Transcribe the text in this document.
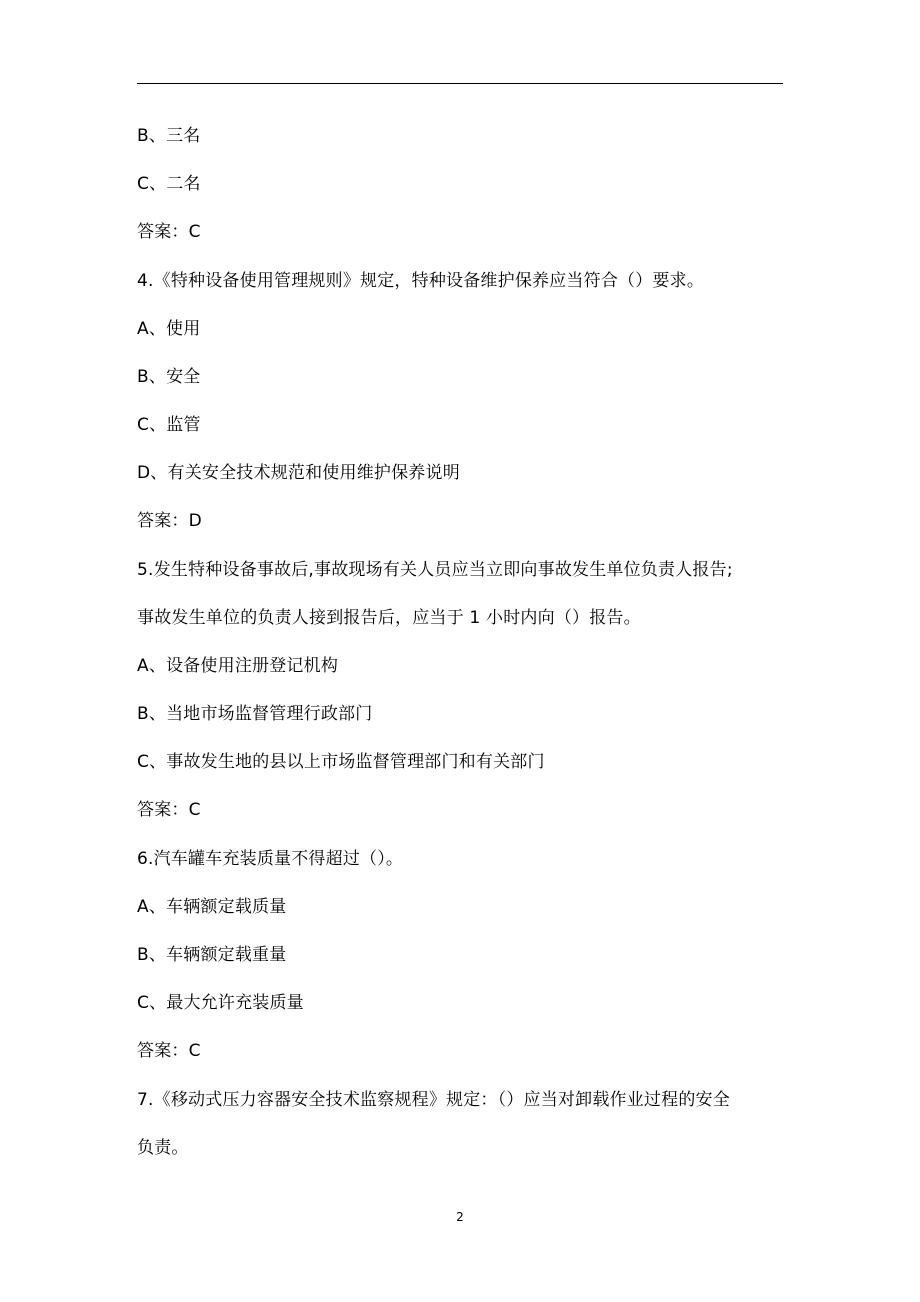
B、三名
C、二名
答案：C
4.《特种设备使用管理规则》规定，特种设备维护保养应当符合（）要求。
A、使用
B、安全
C、监管
D、有关安全技术规范和使用维护保养说明
答案：D
5.发生特种设备事故后,事故现场有关人员应当立即向事故发生单位负责人报告;
事故发生单位的负责人接到报告后，应当于 1 小时内向（）报告。
A、设备使用注册登记机构
B、当地市场监督管理行政部门
C、事故发生地的县以上市场监督管理部门和有关部门
答案：C
6.汽车罐车充装质量不得超过（）。
A、车辆额定载质量
B、车辆额定载重量
C、最大允许充装质量
答案：C
7.《移动式压力容器安全技术监察规程》规定：（）应当对卸载作业过程的安全
负责。
2
